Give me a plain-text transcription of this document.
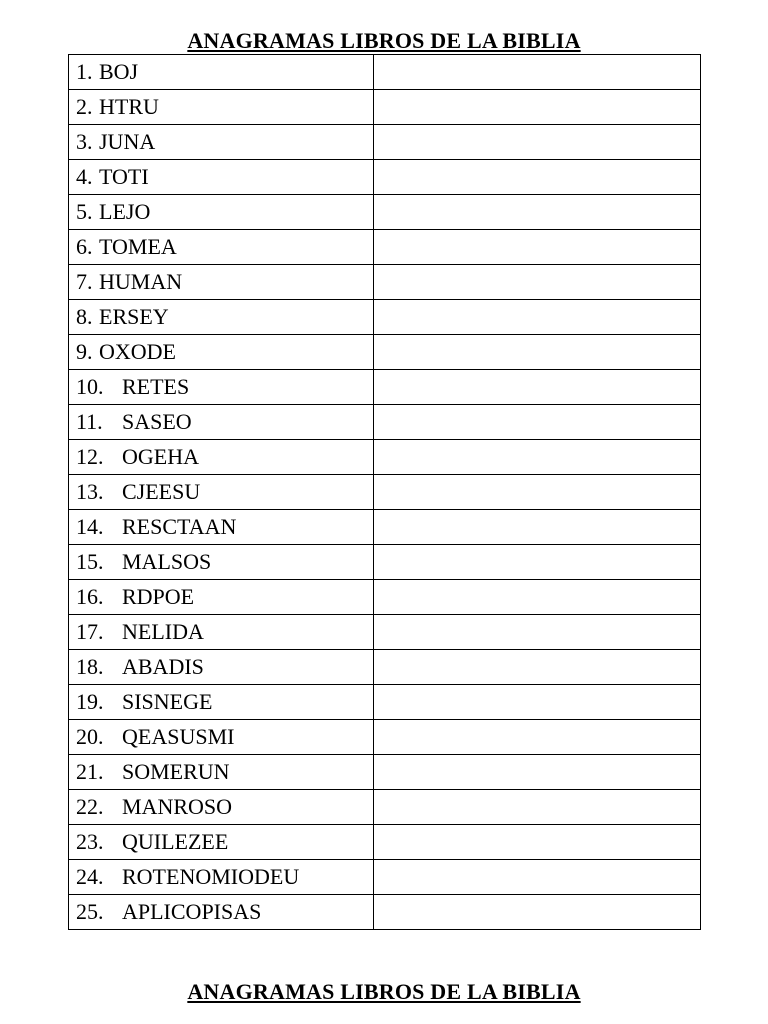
ANAGRAMAS LIBROS DE LA BIBLIA
1. BOJ	

2. HTRU	

3. JUNA	

4. TOTI	

5. LEJO	

6. TOMEA	

7. HUMAN	

8. ERSEY	

9. OXODE	

10. RETES	

11. SASEO	

12. OGEHA	

13. CJEESU	

14. RESCTAAN	

15. MALSOS	

16. RDPOE	

17. NELIDA	

18. ABADIS	

19. SISNEGE	

20. QEASUSMI	

21. SOMERUN	

22. MANROSO	

23. QUILEZEE	

24. ROTENOMIODEU	

25. APLICOPISAS	

ANAGRAMAS LIBROS DE LA BIBLIA
